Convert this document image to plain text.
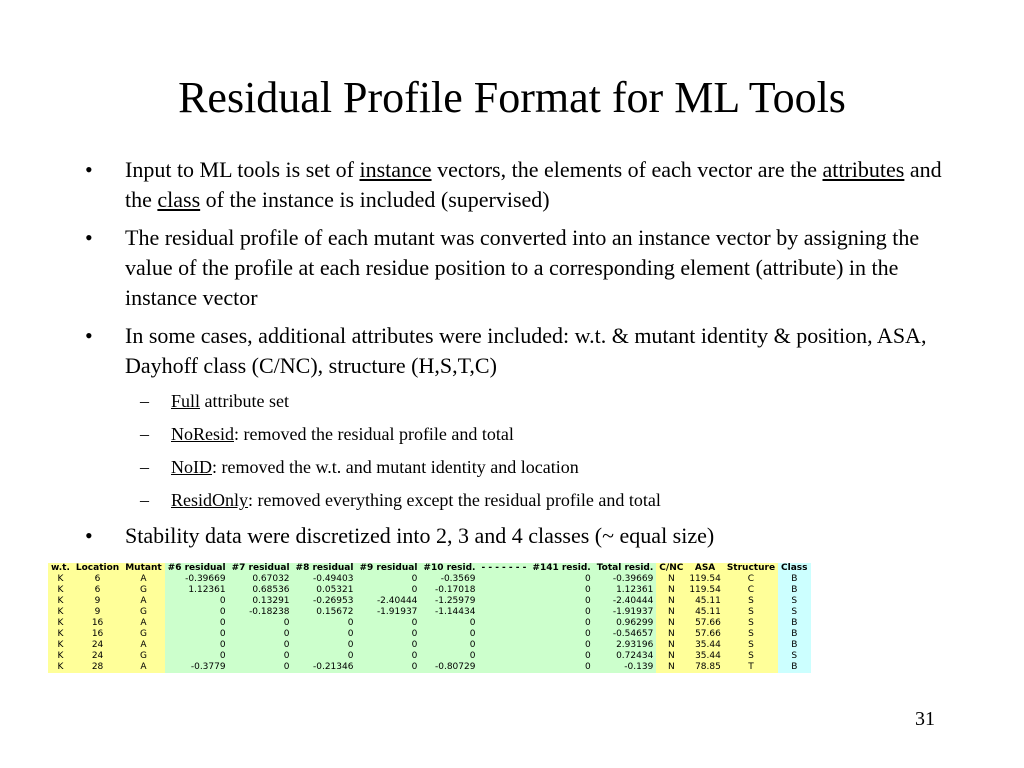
Residual Profile Format for ML Tools
• Input to ML tools is set of instance vectors, the elements of each vector are the attributes and the class of the instance is included (supervised)
• The residual profile of each mutant was converted into an instance vector by assigning the value of the profile at each residue position to a corresponding element (attribute) in the instance vector
• In some cases, additional attributes were included: w.t. & mutant identity & position, ASA, Dayhoff class (C/NC), structure (H,S,T,C)
– Full attribute set
– NoResid: removed the residual profile and total
– NoID: removed the w.t. and mutant identity and location
– ResidOnly: removed everything except the residual profile and total
• Stability data were discretized into 2, 3 and 4 classes (~ equal size)
w.t.	Location	Mutant	#6 residual	#7 residual	#8 residual	#9 residual	#10 resid.	- - - - - - -	#141 resid.	Total resid.	C/NC	ASA	Structure	Class
K	6	A	-0.39669	0.67032	-0.49403	0	-0.3569		0	-0.39669	N	119.54	C	B
K	6	G	1.12361	0.68536	0.05321	0	-0.17018		0	1.12361	N	119.54	C	B
K	9	A	0	0.13291	-0.26953	-2.40444	-1.25979		0	-2.40444	N	45.11	S	S
K	9	G	0	-0.18238	0.15672	-1.91937	-1.14434		0	-1.91937	N	45.11	S	S
K	16	A	0	0	0	0	0		0	0.96299	N	57.66	S	B
K	16	G	0	0	0	0	0		0	-0.54657	N	57.66	S	B
K	24	A	0	0	0	0	0		0	2.93196	N	35.44	S	B
K	24	G	0	0	0	0	0		0	0.72434	N	35.44	S	S
K	28	A	-0.3779	0	-0.21346	0	-0.80729		0	-0.139	N	78.85	T	B
31
